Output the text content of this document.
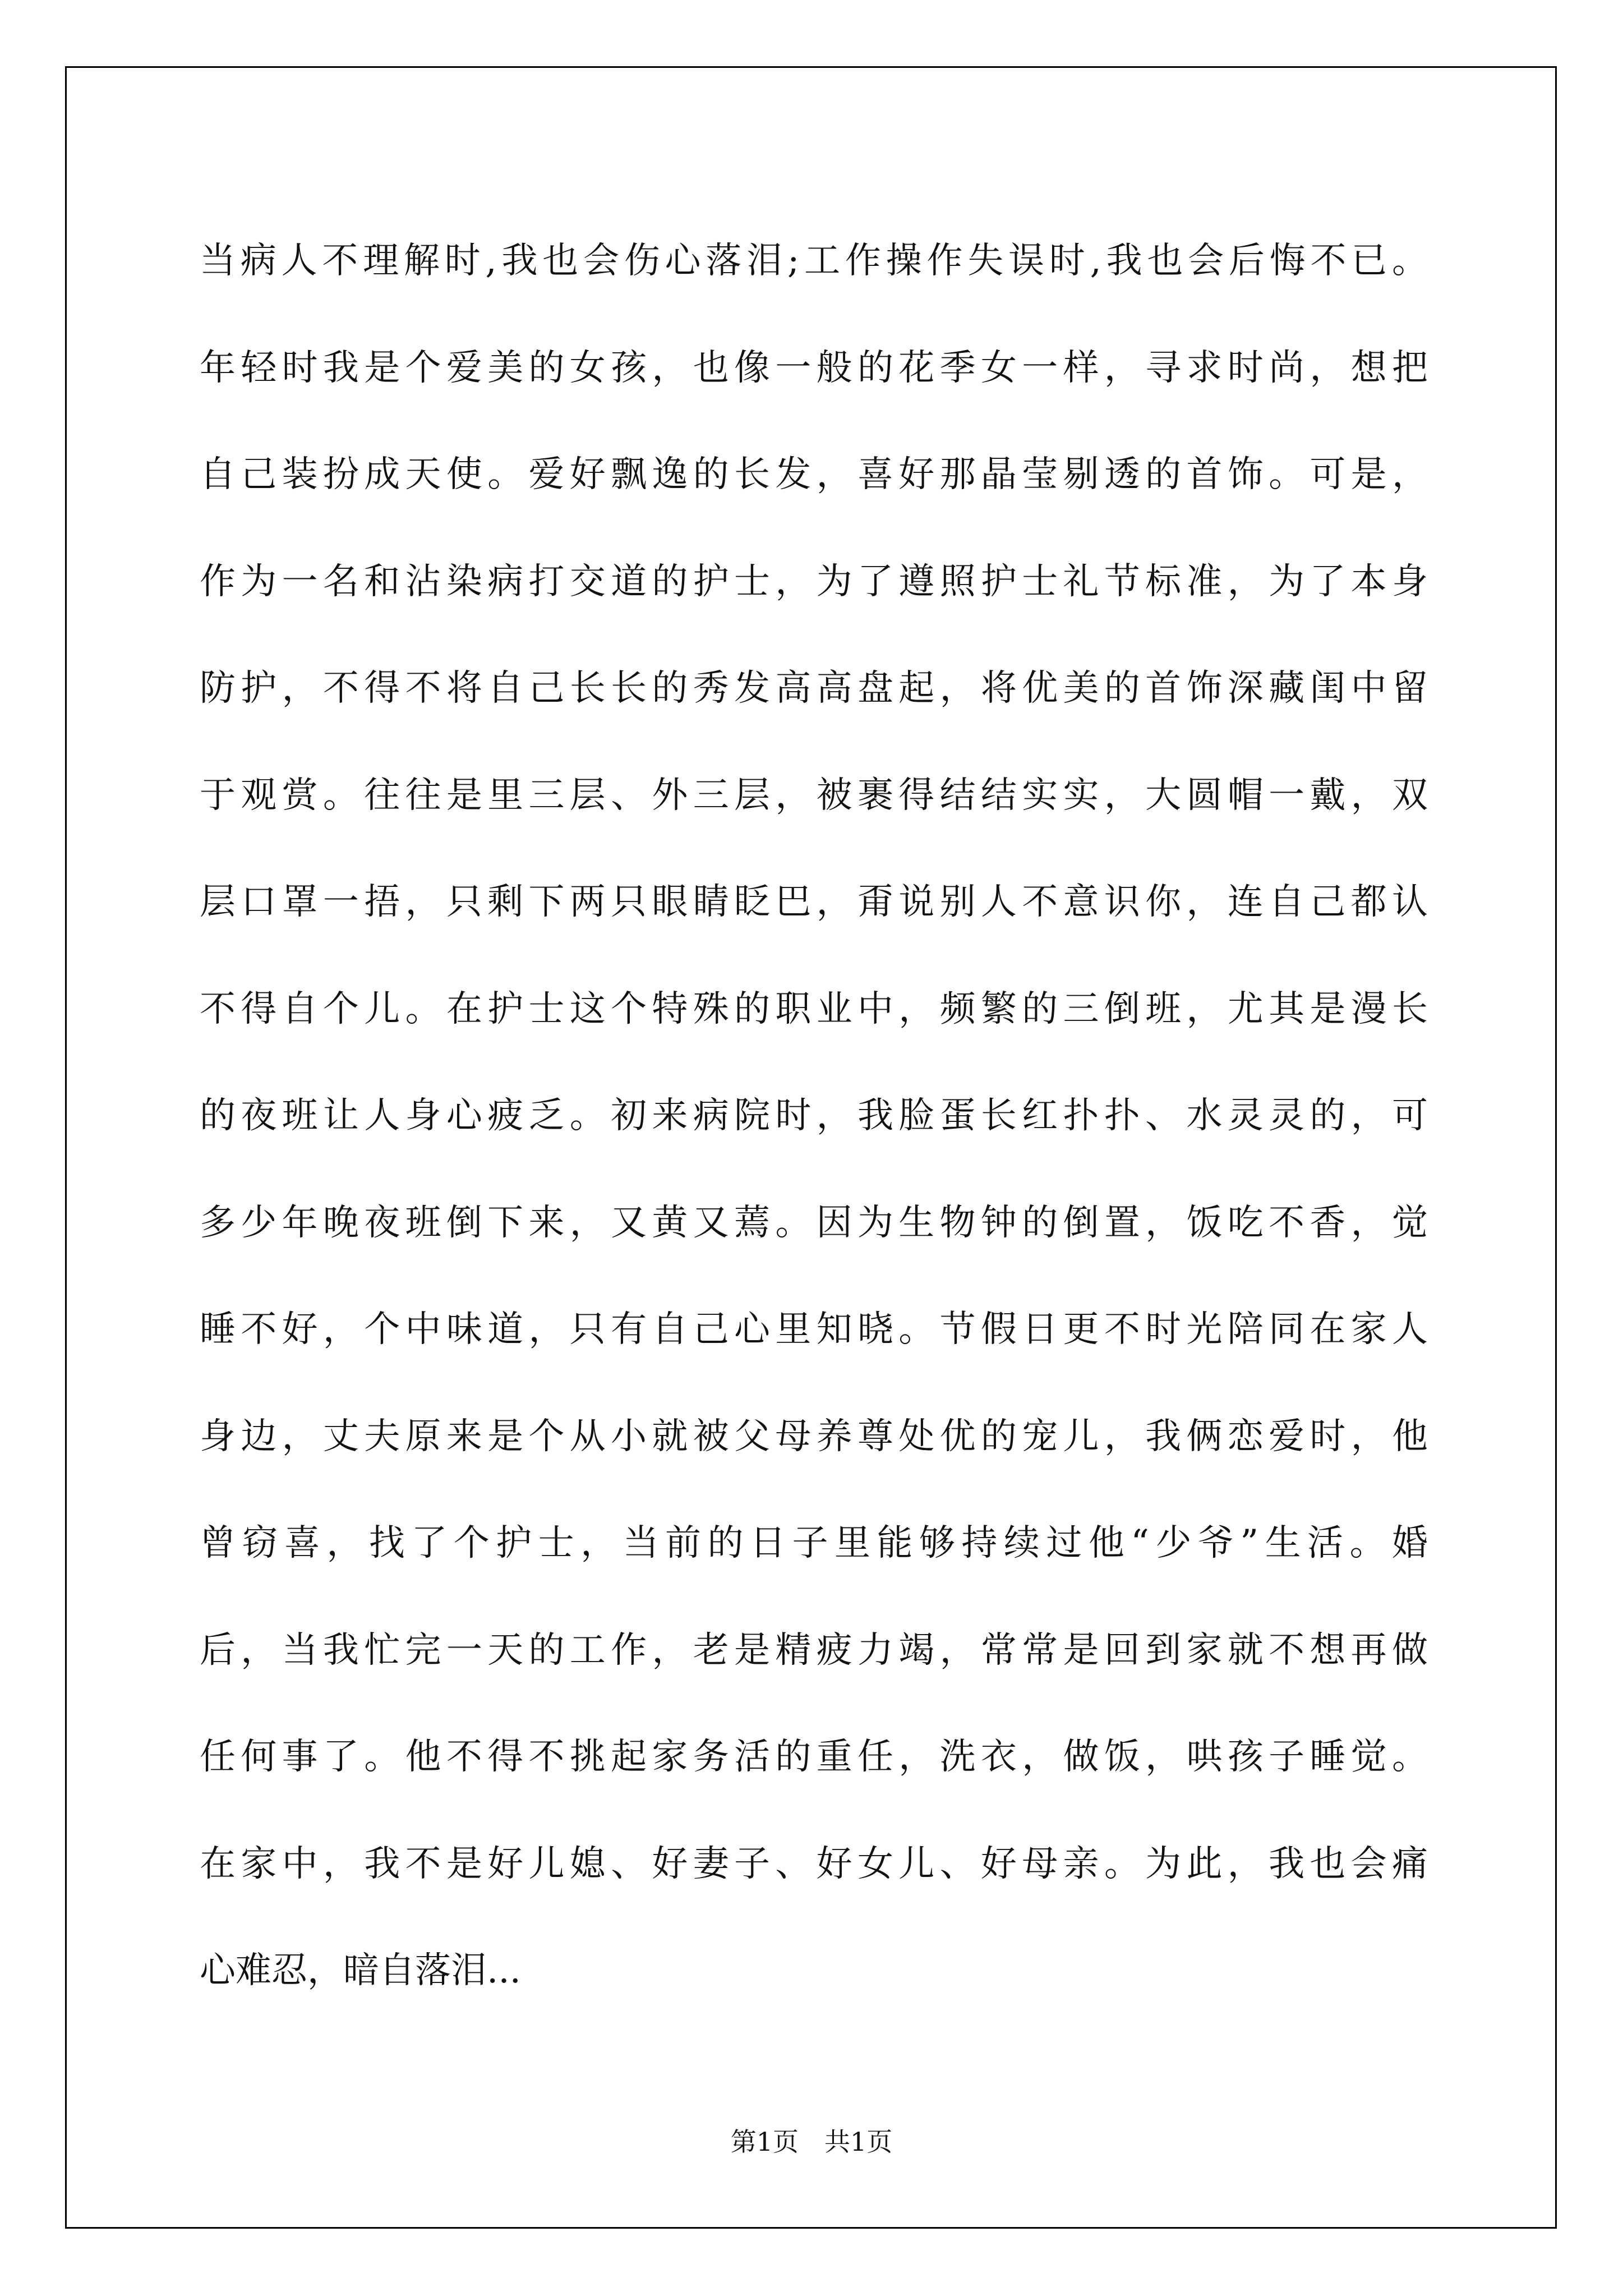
当病人不理解时,我也会伤心落泪;工作操作失误时,我也会后悔不已。
年轻时我是个爱美的女孩，也像一般的花季女一样，寻求时尚，想把
自己装扮成天使。爱好飘逸的长发，喜好那晶莹剔透的首饰。可是，
作为一名和沾染病打交道的护士，为了遵照护士礼节标准，为了本身
防护，不得不将自己长长的秀发高高盘起，将优美的首饰深藏闺中留
于观赏。往往是里三层、外三层，被裹得结结实实，大圆帽一戴，双
层口罩一捂，只剩下两只眼睛眨巴，甭说别人不意识你，连自己都认
不得自个儿。在护士这个特殊的职业中，频繁的三倒班，尤其是漫长
的夜班让人身心疲乏。初来病院时，我脸蛋长红扑扑、水灵灵的，可
多少年晚夜班倒下来，又黄又蔫。因为生物钟的倒置，饭吃不香，觉
睡不好，个中味道，只有自己心里知晓。节假日更不时光陪同在家人
身边，丈夫原来是个从小就被父母养尊处优的宠儿，我俩恋爱时，他
曾窃喜，找了个护士，当前的日子里能够持续过他“少爷”生活。婚
后，当我忙完一天的工作，老是精疲力竭，常常是回到家就不想再做
任何事了。他不得不挑起家务活的重任，洗衣，做饭，哄孩子睡觉。
在家中，我不是好儿媳、好妻子、好女儿、好母亲。为此，我也会痛
心难忍，暗自落泪...
第1页　共1页
